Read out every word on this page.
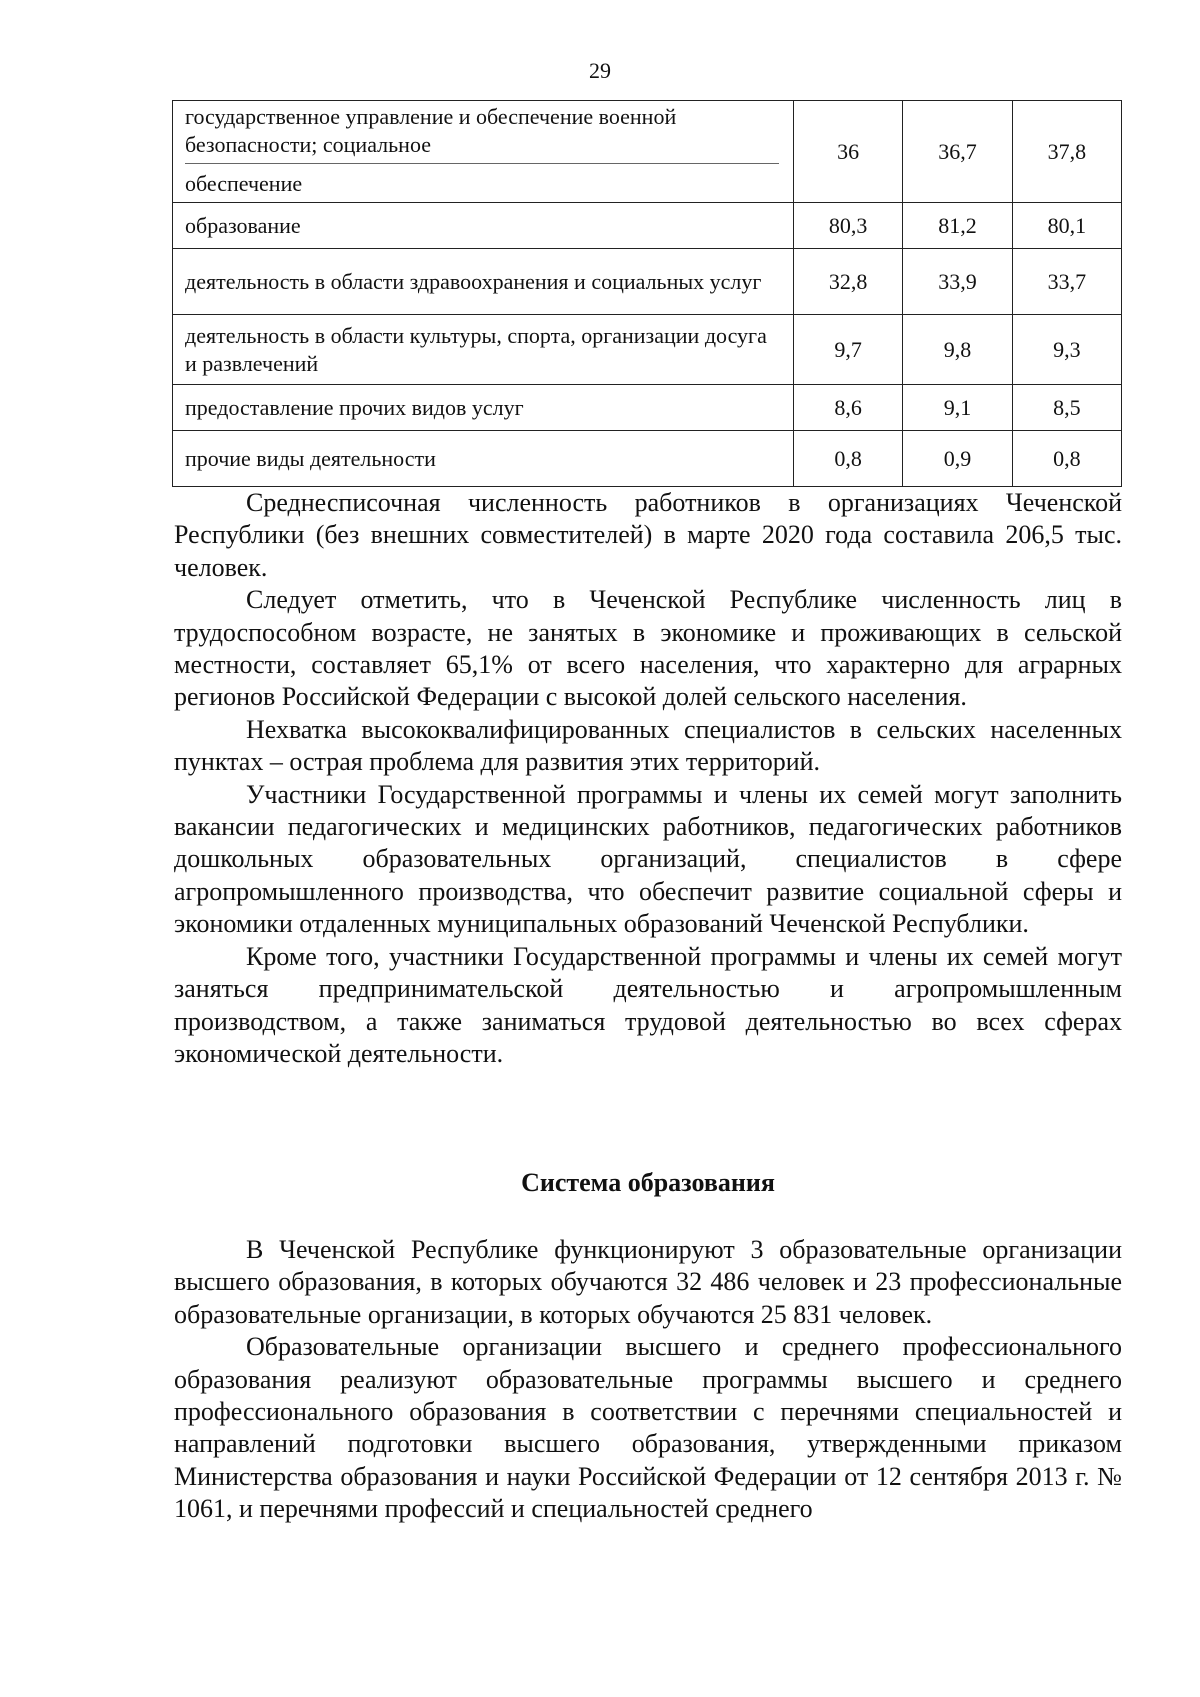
29
государственное управление и обеспечение военной безопасности; социальное
обеспечение	36	36,7	37,8
образование	80,3	81,2	80,1
деятельность в области здравоохранения и социальных услуг	32,8	33,9	33,7
деятельность в области культуры, спорта, организации досуга и развлечений	9,7	9,8	9,3
предоставление прочих видов услуг	8,6	9,1	8,5
прочие виды деятельности	0,8	0,9	0,8

Среднесписочная численность работников в организациях Чеченской Республики (без внешних совместителей) в марте 2020 года составила 206,5 тыс. человек.

Следует отметить, что в Чеченской Республике численность лиц в трудоспособном возрасте, не занятых в экономике и проживающих в сельской местности, составляет 65,1% от всего населения, что характерно для аграрных регионов Российской Федерации с высокой долей сельского населения.

Нехватка высококвалифицированных специалистов в сельских населенных пунктах – острая проблема для развития этих территорий.

Участники Государственной программы и члены их семей могут заполнить вакансии педагогических и медицинских работников, педагогических работников дошкольных образовательных организаций, специалистов в сфере агропромышленного производства, что обеспечит развитие социальной сферы и экономики отдаленных муниципальных образований Чеченской Республики.

Кроме того, участники Государственной программы и члены их семей могут заняться предпринимательской деятельностью и агропромышленным производством, а также заниматься трудовой деятельностью во всех сферах экономической деятельности.

Система образования

В Чеченской Республике функционируют 3 образовательные организации высшего образования, в которых обучаются 32 486 человек и 23 профессиональные образовательные организации, в которых обучаются 25 831 человек.

Образовательные организации высшего и среднего профессионального образования реализуют образовательные программы высшего и среднего профессионального образования в соответствии с перечнями специальностей и направлений подготовки высшего образования, утвержденными приказом Министерства образования и науки Российской Федерации от 12 сентября 2013 г. № 1061, и перечнями профессий и специальностей среднего
